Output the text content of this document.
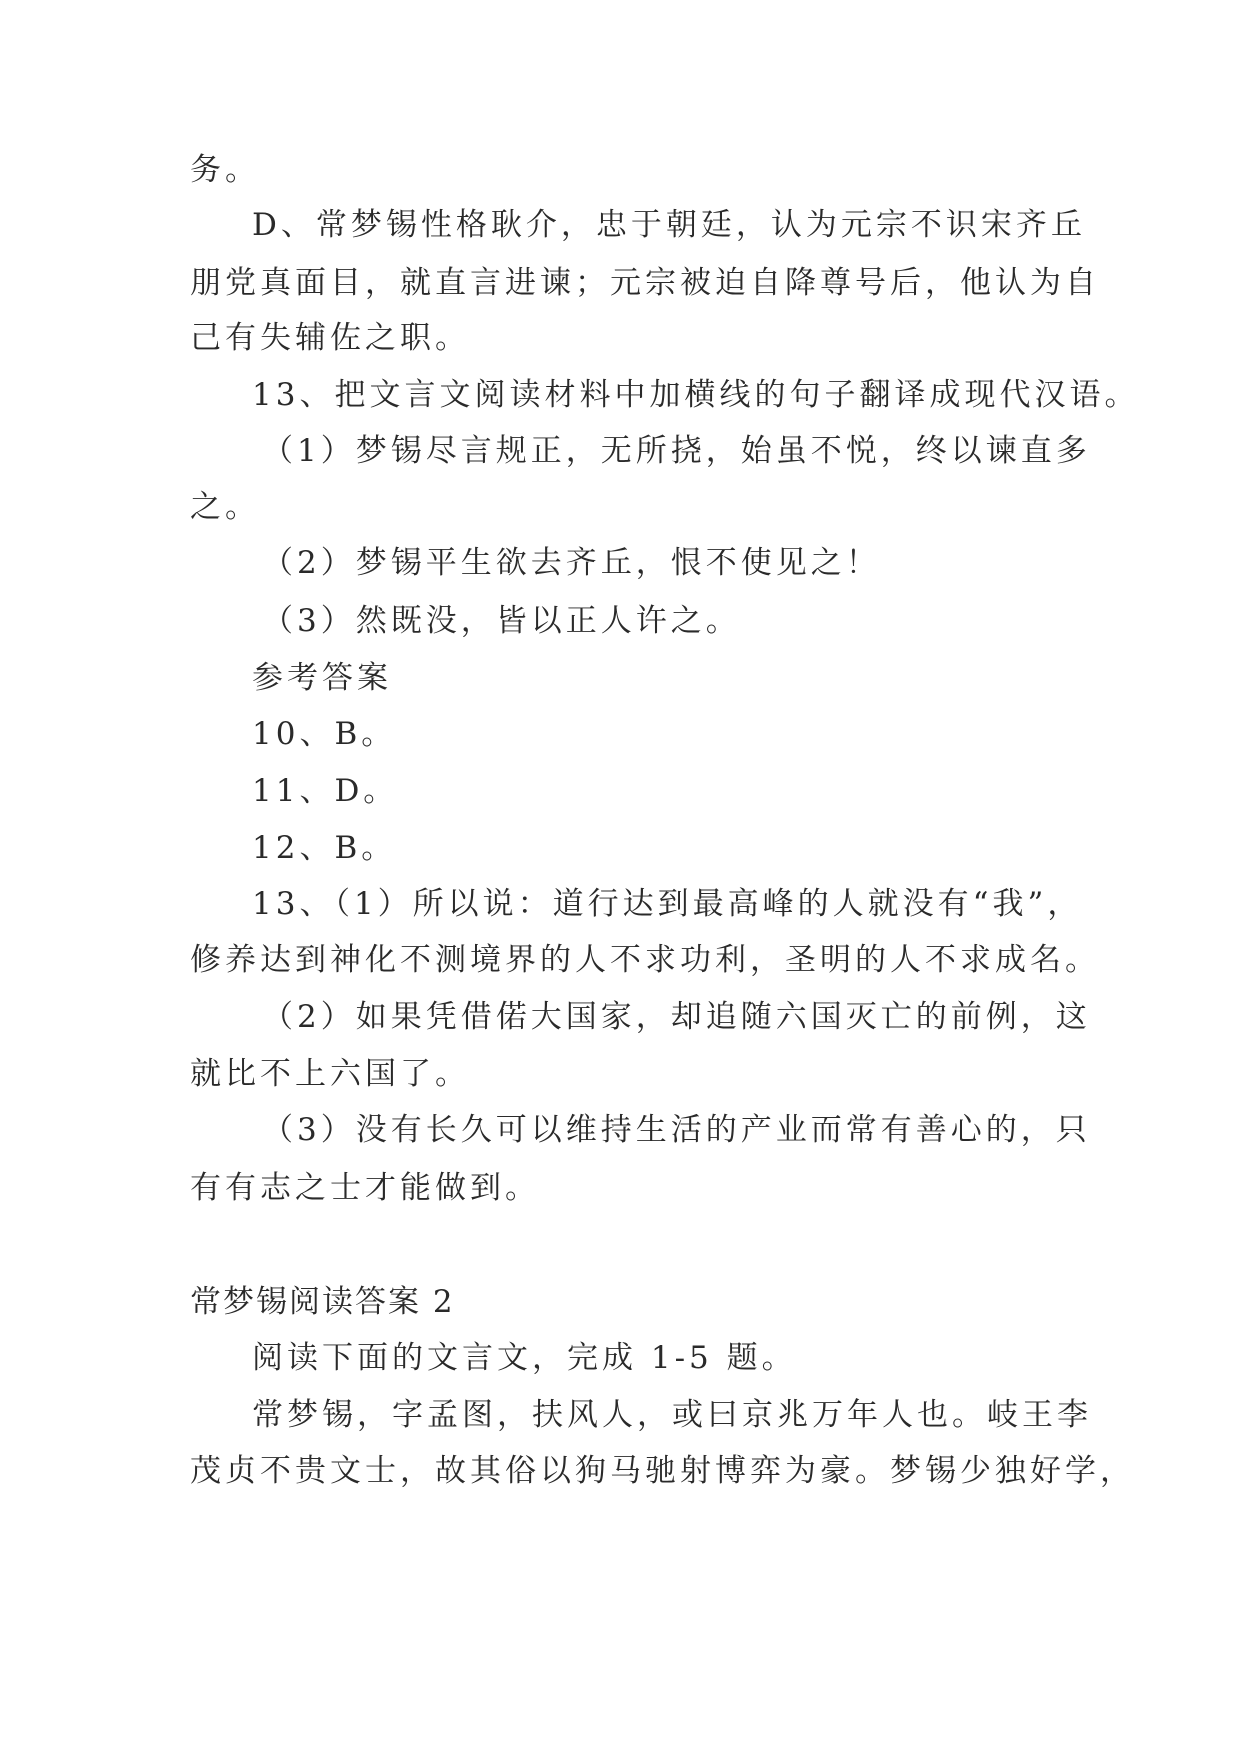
务。
D、常梦锡性格耿介，忠于朝廷，认为元宗不识宋齐丘
朋党真面目，就直言进谏；元宗被迫自降尊号后，他认为自
己有失辅佐之职。
13、把文言文阅读材料中加横线的句子翻译成现代汉语。
（1）梦锡尽言规正，无所挠，始虽不悦，终以谏直多
之。
（2）梦锡平生欲去齐丘，恨不使见之！
（3）然既没，皆以正人许之。
参考答案
10、B。
11、D。
12、B。
13、（1）所以说：道行达到最高峰的人就没有“我”，
修养达到神化不测境界的人不求功利，圣明的人不求成名。
（2）如果凭借偌大国家，却追随六国灭亡的前例，这
就比不上六国了。
（3）没有长久可以维持生活的产业而常有善心的，只
有有志之士才能做到。
常梦锡阅读答案 2
阅读下面的文言文，完成 1-5 题。
常梦锡，字孟图，扶风人，或曰京兆万年人也。岐王李
茂贞不贵文士，故其俗以狗马驰射博弈为豪。梦锡少独好学，
